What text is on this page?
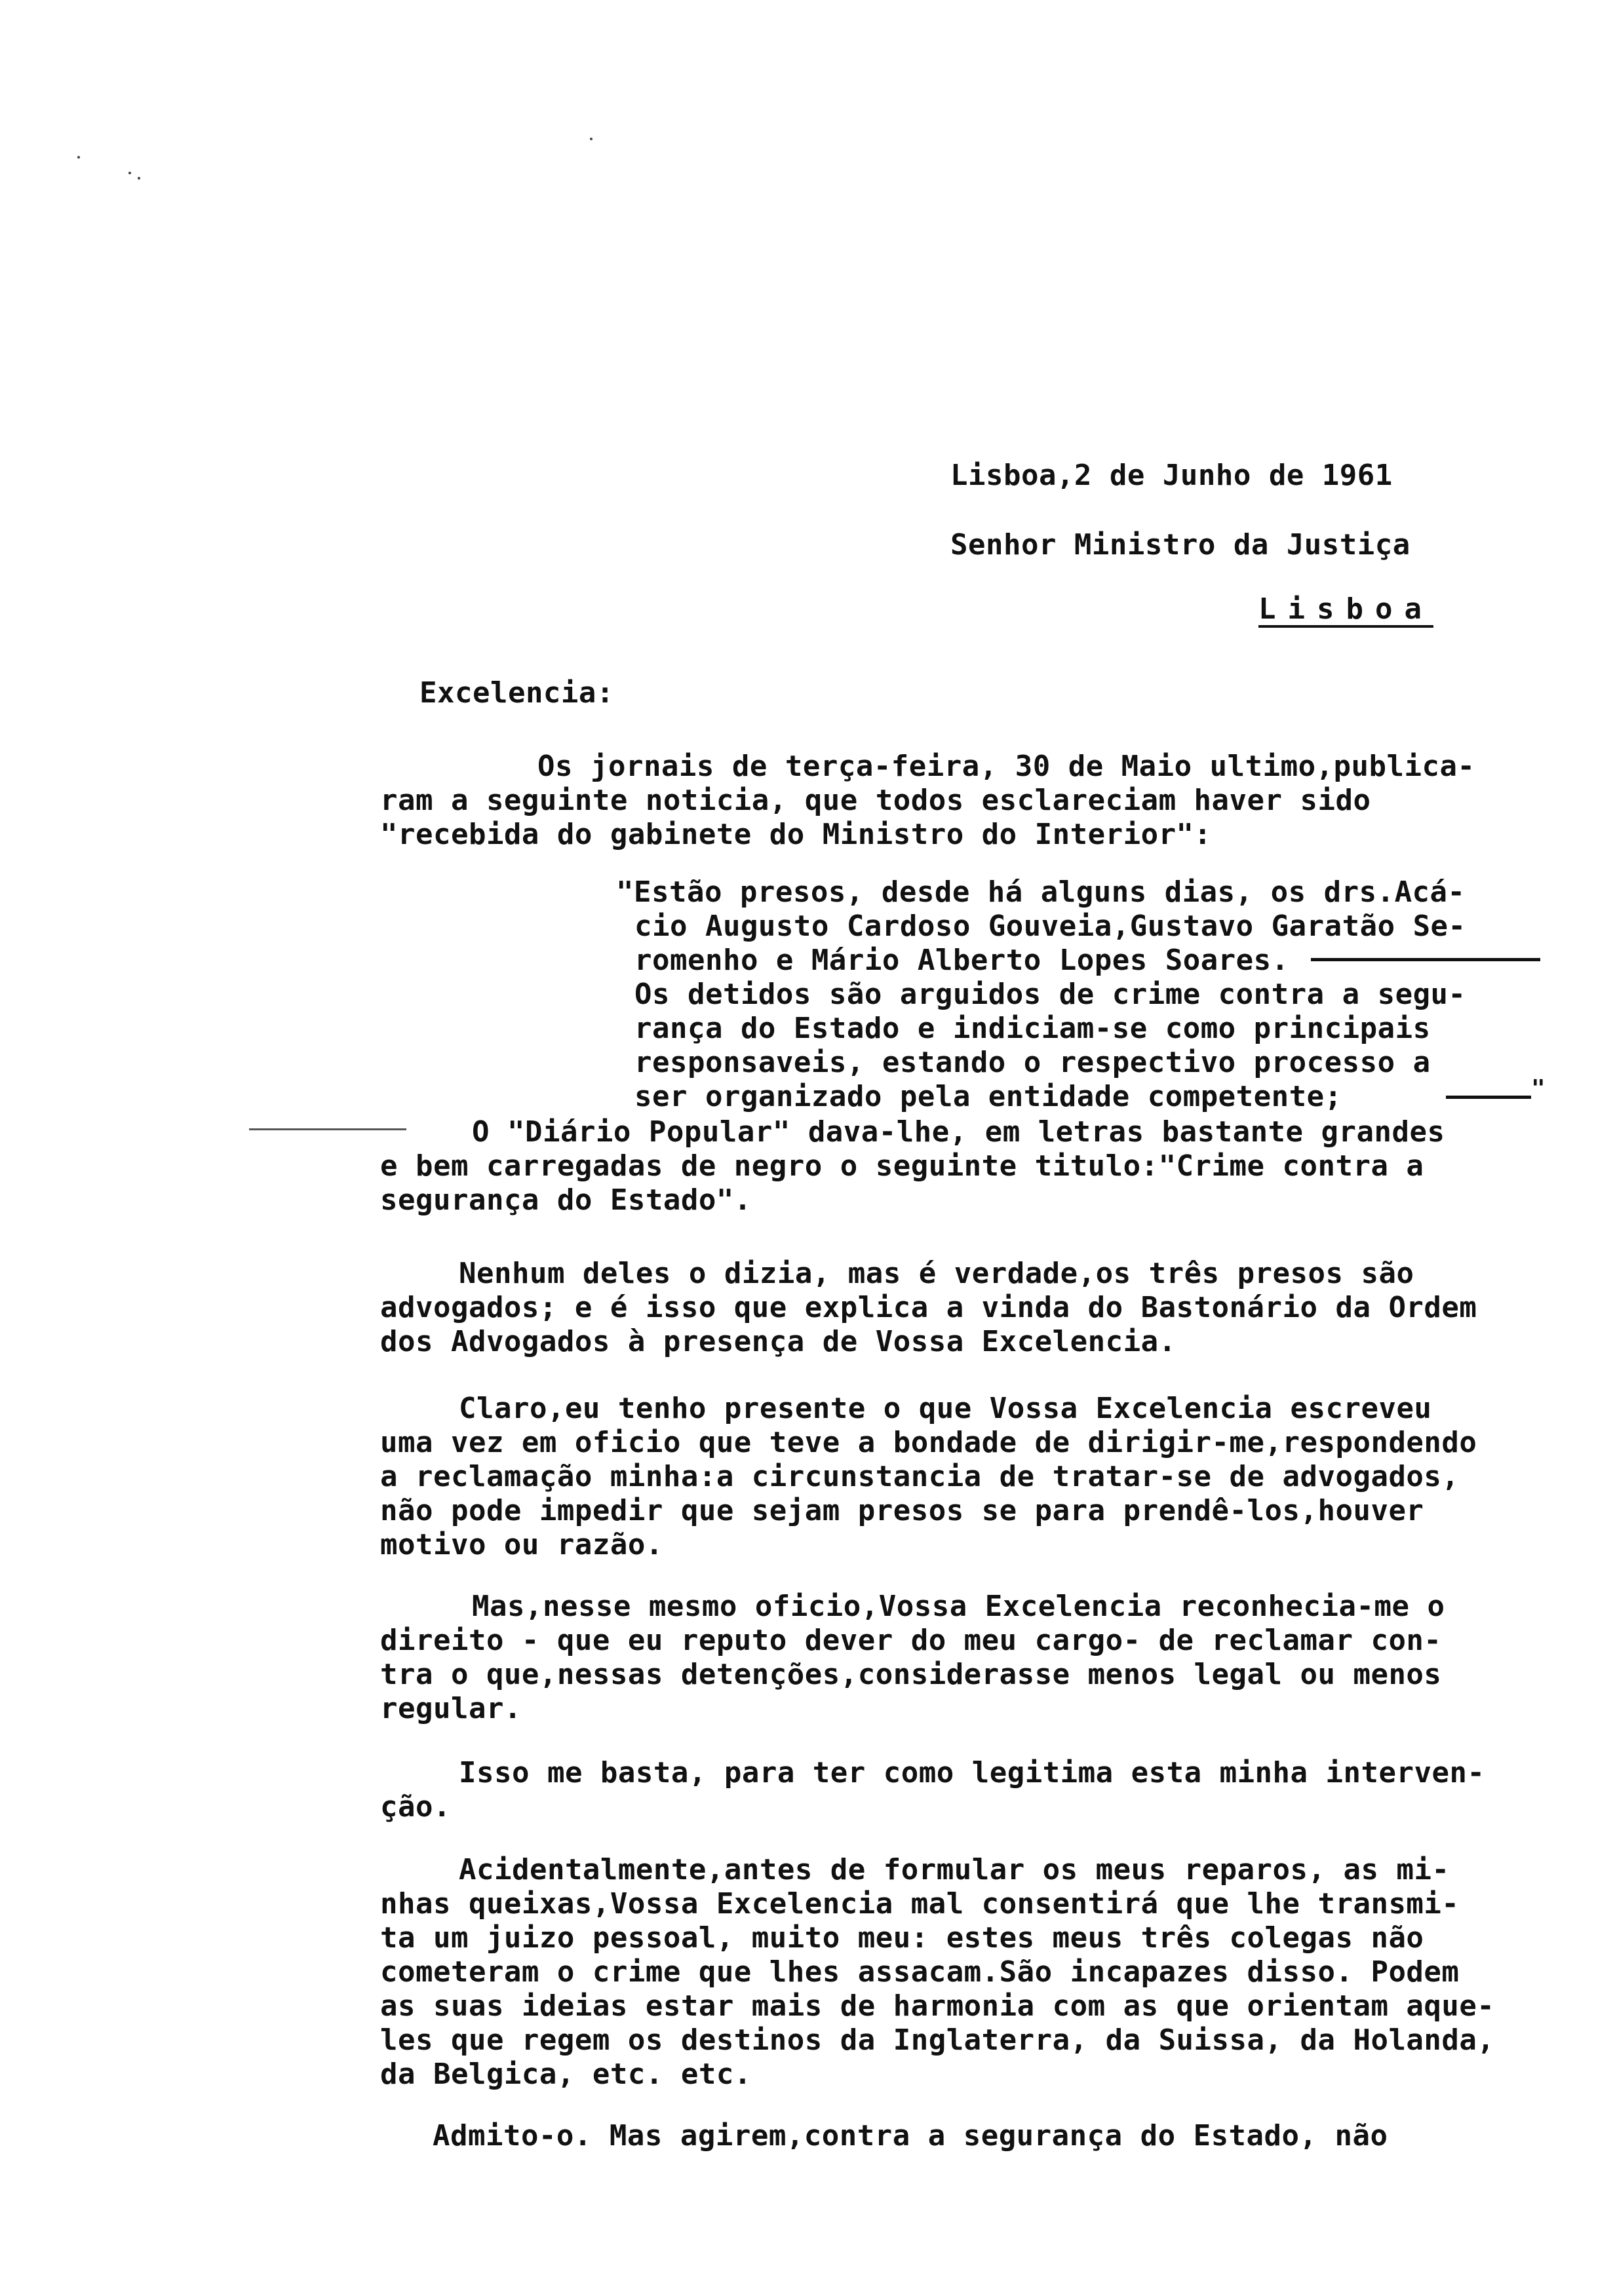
Lisboa,2 de Junho de 1961
Senhor Ministro da Justiça
Lisboa
Excelencia:
Os jornais de terça-feira, 30 de Maio ultimo,publica-
ram a seguinte noticia, que todos esclareciam haver sido
"recebida do gabinete do Ministro do Interior":
"Estão presos, desde há alguns dias, os drs.Acá-
cio Augusto Cardoso Gouveia,Gustavo Garatão Se-
romenho e Mário Alberto Lopes Soares.
Os detidos são arguidos de crime contra a segu-
rança do Estado e indiciam-se como principais
responsaveis, estando o respectivo processo a
ser organizado pela entidade competente;	"
O "Diário Popular" dava-lhe, em letras bastante grandes
e bem carregadas de negro o seguinte titulo:"Crime contra a
segurança do Estado".
Nenhum deles o dizia, mas é verdade,os três presos são
advogados; e é isso que explica a vinda do Bastonário da Ordem
dos Advogados à presença de Vossa Excelencia.
Claro,eu tenho presente o que Vossa Excelencia escreveu
uma vez em oficio que teve a bondade de dirigir-me,respondendo
a reclamação minha:a circunstancia de tratar-se de advogados,
não pode impedir que sejam presos se para prendê-los,houver
motivo ou razão.
Mas,nesse mesmo oficio,Vossa Excelencia reconhecia-me o
direito - que eu reputo dever do meu cargo- de reclamar con-
tra o que,nessas detenções,considerasse menos legal ou menos
regular.
Isso me basta, para ter como legitima esta minha interven-
ção.
Acidentalmente,antes de formular os meus reparos, as mi-
nhas queixas,Vossa Excelencia mal consentirá que lhe transmi-
ta um juizo pessoal, muito meu: estes meus três colegas não
cometeram o crime que lhes assacam.São incapazes disso. Podem
as suas ideias estar mais de harmonia com as que orientam aque-
les que regem os destinos da Inglaterra, da Suissa, da Holanda,
da Belgica, etc. etc.
Admito-o. Mas agirem,contra a segurança do Estado, não
